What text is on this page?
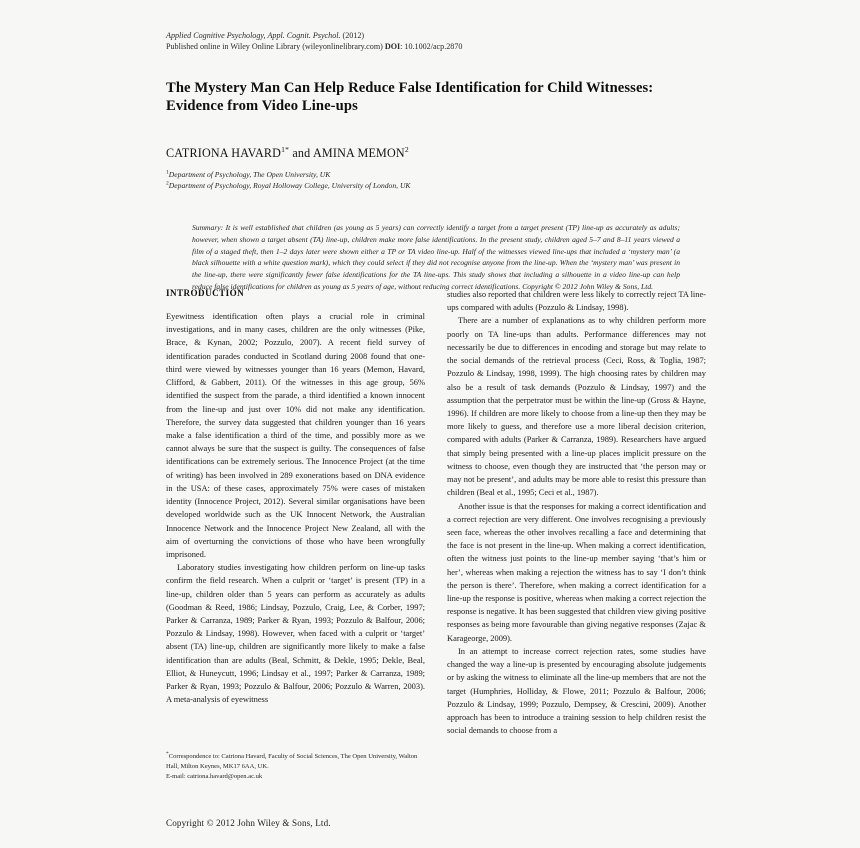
Applied Cognitive Psychology, Appl. Cognit. Psychol. (2012)
Published online in Wiley Online Library (wileyonlinelibrary.com) DOI: 10.1002/acp.2870
The Mystery Man Can Help Reduce False Identification for Child Witnesses: Evidence from Video Line-ups
CATRIONA $HAVARD^{1*}$ and AMINA MEMON$^2$
$^1$Department of Psychology, The Open University, UK
$^2$Department of Psychology, Royal Holloway College, University of London, UK

Summary: It is well established that children (as young as 5 years) can correctly identify a target from a target present (TP) line-up as accurately as adults; however, when shown a target absent (TA) line-up, children make more false identifications. In the present study, children aged 5–7 and 8–11 years viewed a film of a staged theft, then 1–2 days later were shown either a TP or TA video line-up. Half of the witnesses viewed line-ups that included a ‘mystery man’ (a black silhouette with a white question mark), which they could select if they did not recognise anyone from the line-up. When the ‘mystery man’ was present in the line-up, there were significantly fewer false identifications for the TA line-ups. This study shows that including a silhouette in a video line-up can help reduce false identifications for children as young as 5 years of age, without reducing correct identifications. Copyright © 2012 John Wiley & Sons, Ltd.

INTRODUCTION

Eyewitness identification often plays a crucial role in criminal investigations, and in many cases, children are the only witnesses (Pike, Brace, & Kynan, 2002; Pozzulo, 2007). A recent field survey of identification parades conducted in Scotland during 2008 found that one-third were viewed by witnesses younger than 16 years (Memon, Havard, Clifford, & Gabbert, 2011). Of the witnesses in this age group, 56% identified the suspect from the parade, a third identified a known innocent from the line-up and just over 10% did not make any identification. Therefore, the survey data suggested that children younger than 16 years make a false identification a third of the time, and possibly more as we cannot always be sure that the suspect is guilty. The consequences of false identifications can be extremely serious. The Innocence Project (at the time of writing) has been involved in 289 exonerations based on DNA evidence in the USA: of these cases, approximately 75% were cases of mistaken identity (Innocence Project, 2012). Several similar organisations have been developed worldwide such as the UK Innocent Network, the Australian Innocence Network and the Innocence Project New Zealand, all with the aim of overturning the convictions of those who have been wrongfully imprisoned.

Laboratory studies investigating how children perform on line-up tasks confirm the field research. When a culprit or ‘target’ is present (TP) in a line-up, children older than 5 years can perform as accurately as adults (Goodman & Reed, 1986; Lindsay, Pozzulo, Craig, Lee, & Corber, 1997; Parker & Carranza, 1989; Parker & Ryan, 1993; Pozzulo & Balfour, 2006; Pozzulo & Lindsay, 1998). However, when faced with a culprit or ‘target’ absent (TA) line-up, children are significantly more likely to make a false identification than are adults (Beal, Schmitt, & Dekle, 1995; Dekle, Beal, Elliot, & Huneycutt, 1996; Lindsay et al., 1997; Parker & Carranza, 1989; Parker & Ryan, 1993; Pozzulo & Balfour, 2006; Pozzulo & Warren, 2003). A meta-analysis of eyewitness

studies also reported that children were less likely to correctly reject TA line-ups compared with adults (Pozzulo & Lindsay, 1998).

There are a number of explanations as to why children perform more poorly on TA line-ups than adults. Performance differences may not necessarily be due to differences in encoding and storage but may relate to the social demands of the retrieval process (Ceci, Ross, & Toglia, 1987; Pozzulo & Lindsay, 1998, 1999). The high choosing rates by children may also be a result of task demands (Pozzulo & Lindsay, 1997) and the assumption that the perpetrator must be within the line-up (Gross & Hayne, 1996). If children are more likely to choose from a line-up then they may be more likely to guess, and therefore use a more liberal decision criterion, compared with adults (Parker & Carranza, 1989). Researchers have argued that simply being presented with a line-up places implicit pressure on the witness to choose, even though they are instructed that ‘the person may or may not be present’, and adults may be more able to resist this pressure than children (Beal et al., 1995; Ceci et al., 1987).

Another issue is that the responses for making a correct identification and a correct rejection are very different. One involves recognising a previously seen face, whereas the other involves recalling a face and determining that the face is not present in the line-up. When making a correct identification, often the witness just points to the line-up member saying ‘that’s him or her’, whereas when making a rejection the witness has to say ‘I don’t think the person is there’. Therefore, when making a correct identification for a line-up the response is positive, whereas when making a correct rejection the response is negative. It has been suggested that children view giving positive responses as being more favourable than giving negative responses (Zajac & Karageorge, 2009).

In an attempt to increase correct rejection rates, some studies have changed the way a line-up is presented by encouraging absolute judgements or by asking the witness to eliminate all the line-up members that are not the target (Humphries, Holliday, & Flowe, 2011; Pozzulo & Balfour, 2006; Pozzulo & Lindsay, 1999; Pozzulo, Dempsey, & Crescini, 2009). Another approach has been to introduce a training session to help children resist the social demands to choose from a

*Correspondence to: Catriona Havard, Faculty of Social Sciences, The Open University, Walton Hall, Milton Keynes, MK17 6AA, UK.
E-mail: catriona.havard@open.ac.uk
Copyright © 2012 John Wiley & Sons, Ltd.
